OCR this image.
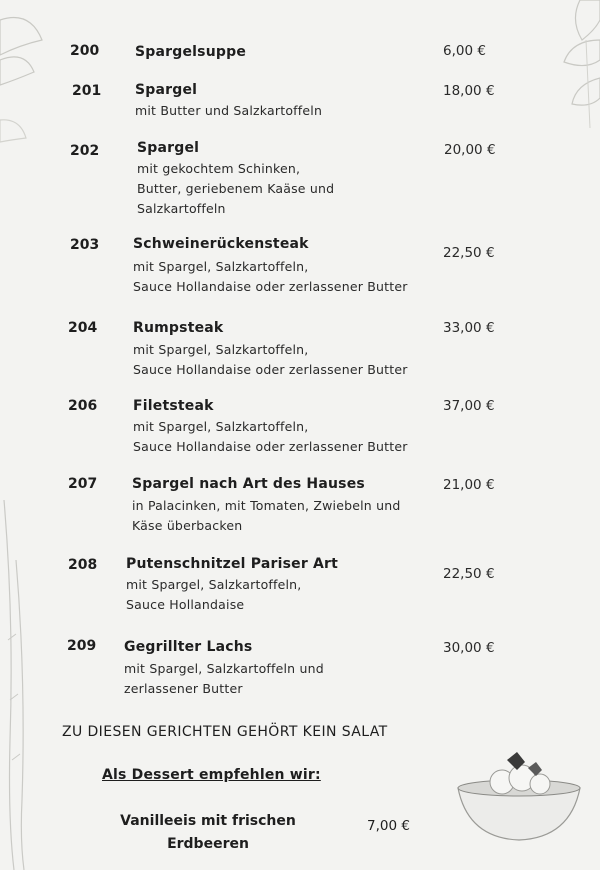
200	Spargelsuppe	6,00 €
201 Spargel
mit Butter und Salzkartoffeln
18,00 €
202	Spargel
mit gekochtem Schinken,
Butter, geriebenem Kaäse und
Salzkartoffeln
20,00 €
203 Schweinerückensteak
mit Spargel, Salzkartoffeln,
Sauce Hollandaise oder zerlassener Butter
22,50 €
204	Rumpsteak
mit Spargel, Salzkartoffeln,
Sauce Hollandaise oder zerlassener Butter
33,00 €
206	Filetsteak
mit Spargel, Salzkartoffeln,
Sauce Hollandaise oder zerlassener Butter
37,00 €
207 Spargel nach Art des Hauses
in Palacinken, mit Tomaten, Zwiebeln und
Käse überbacken
21,00 €
208 Putenschnitzel Pariser Art
mit Spargel, Salzkartoffeln,
Sauce Hollandaise
22,50 €
209 Gegrillter Lachs
mit Spargel, Salzkartoffeln und
zerlassener Butter
30,00 €
ZU DIESEN GERICHTEN GEHÖRT KEIN SALAT
Als Dessert empfehlen wir:
Vanilleeis mit frischen
Erdbeeren
7,00 €
